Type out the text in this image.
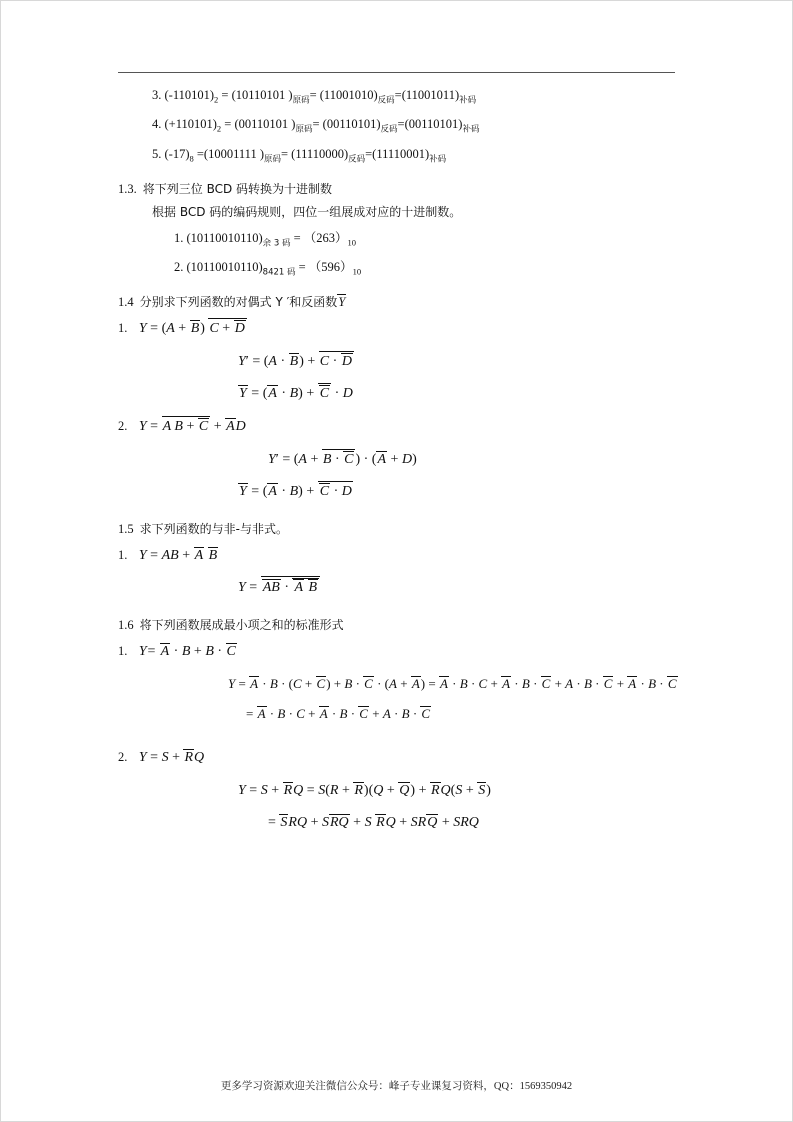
3. $(-110101)_2 = (10110101$ )$_{原码}= (11001010)_{反码}=(11001011)_{补码}$
4. $(+110101)_2 = (00110101$ )$_{原码}= (00110101)_{反码}=(00110101)_{补码}$
5. $(-17)_8 =(10001111$ )$_{原码}= (11110000)_{反码}=(11110001)_{补码}$
1.3. 将下列三位 BCD 码转换为十进制数
根据 BCD 码的编码规则，四位一组展成对应的十进制数。
1. $(10110010110)_{余 3 码} = (263)_{10}$
2. $(10110010110)_{8421 码} = (596)_{10}$
1.4 分别求下列函数的对偶式 Y ′和反函数Y
1. Y = (A + B) C + D
Y′ = (A · B) + C · D
Y = (A · B) + C · D
2. Y = A B + C + AD
Y′ = (A + B · C ) · (A + D)
Y = (A · B) + C · D
1.5 求下列函数的与非-与非式。
1. Y = AB + A B
Y = AB · A B
1.6 将下列函数展成最小项之和的标准形式
1. Y= A · B + B · C
Y = A · B · (C + C) + B · C · (A + A) = A · B · C + A · B · C + A · B · C + A · B · C
= A · B · C + A · B · C + A · B · C
2. Y = S + RQ
Y = S + RQ = S(R + R)(Q + Q) + RQ(S + S)
= SRQ + SRQ + S RQ + SRQ + SRQ
更多学习资源欢迎关注微信公众号：峰子专业课复习资料，QQ：1569350942
